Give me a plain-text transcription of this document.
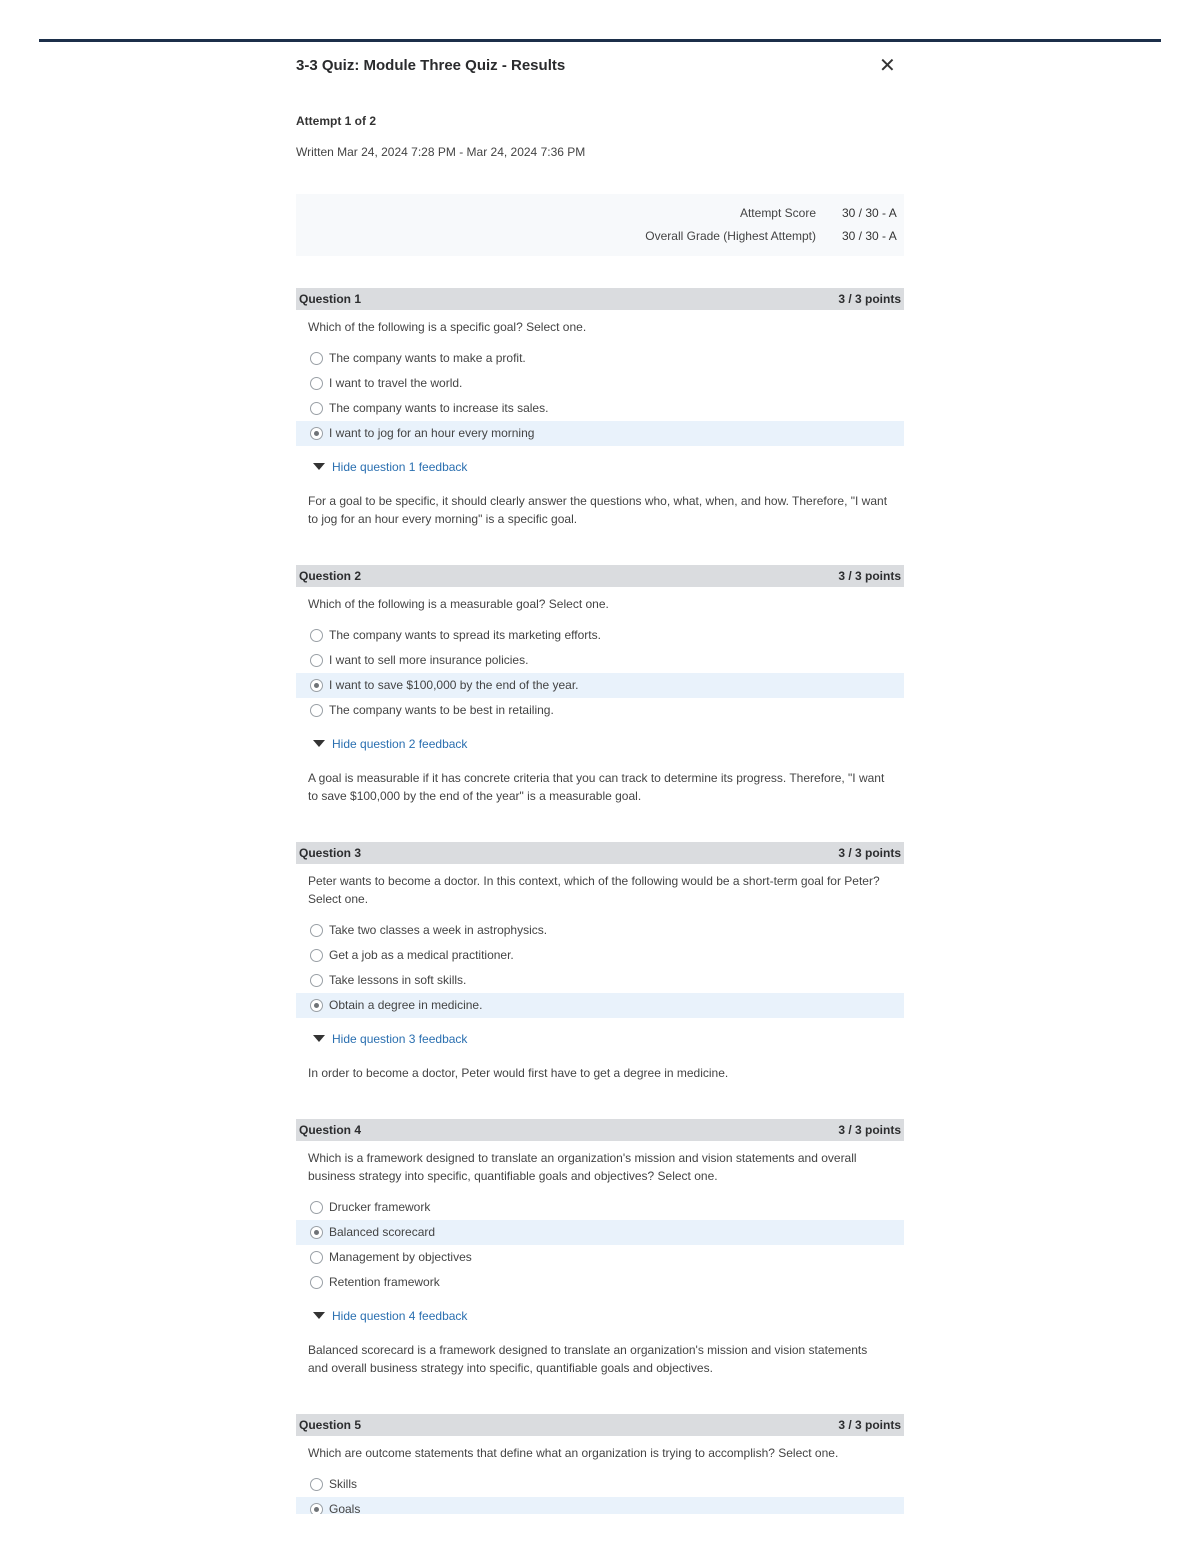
3-3 Quiz: Module Three Quiz - Results	✕
Attempt 1 of 2
Written Mar 24, 2024 7:28 PM - Mar 24, 2024 7:36 PM
Attempt Score	30 / 30 - A
Overall Grade (Highest Attempt)	30 / 30 - A
Question 1	3 / 3 points
Which of the following is a specific goal? Select one.
The company wants to make a profit.
I want to travel the world.
The company wants to increase its sales.
I want to jog for an hour every morning
Hide question 1 feedback
For a goal to be specific, it should clearly answer the questions who, what, when, and how. Therefore, "I want to jog for an hour every morning" is a specific goal.
Question 2	3 / 3 points
Which of the following is a measurable goal? Select one.
The company wants to spread its marketing efforts.
I want to sell more insurance policies.
I want to save $100,000 by the end of the year.
The company wants to be best in retailing.
Hide question 2 feedback
A goal is measurable if it has concrete criteria that you can track to determine its progress. Therefore, "I want to save $100,000 by the end of the year" is a measurable goal.
Question 3	3 / 3 points
Peter wants to become a doctor. In this context, which of the following would be a short-term goal for Peter? Select one.
Take two classes a week in astrophysics.
Get a job as a medical practitioner.
Take lessons in soft skills.
Obtain a degree in medicine.
Hide question 3 feedback
In order to become a doctor, Peter would first have to get a degree in medicine.
Question 4	3 / 3 points
Which is a framework designed to translate an organization's mission and vision statements and overall business strategy into specific, quantifiable goals and objectives? Select one.
Drucker framework
Balanced scorecard
Management by objectives
Retention framework
Hide question 4 feedback
Balanced scorecard is a framework designed to translate an organization's mission and vision statements and overall business strategy into specific, quantifiable goals and objectives.
Question 5	3 / 3 points
Which are outcome statements that define what an organization is trying to accomplish? Select one.
Skills
Goals
